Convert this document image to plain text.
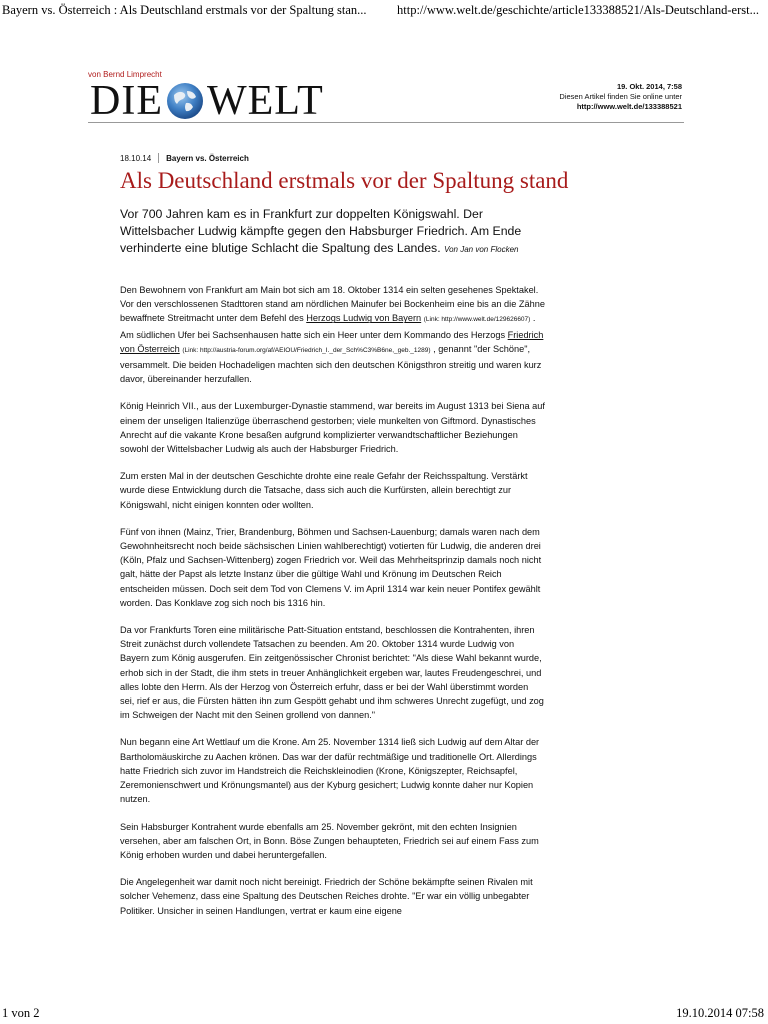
Bayern vs. Österreich : Als Deutschland erstmals vor der Spaltung stan... http://www.welt.de/geschichte/article133388521/Als-Deutschland-erst...
von Bernd Limprecht
DIE WELT	19. Okt. 2014, 7:58
Diesen Artikel finden Sie online unter
http://www.welt.de/133388521
18.10.14 Bayern vs. Österreich
Als Deutschland erstmals vor der Spaltung stand
Vor 700 Jahren kam es in Frankfurt zur doppelten Königswahl. Der Wittelsbacher Ludwig kämpfte gegen den Habsburger Friedrich. Am Ende verhinderte eine blutige Schlacht die Spaltung des Landes. Von Jan von Flocken

Den Bewohnern von Frankfurt am Main bot sich am 18. Oktober 1314 ein selten gesehenes Spektakel. Vor den verschlossenen Stadttoren stand am nördlichen Mainufer bei Bockenheim eine bis an die Zähne bewaffnete Streitmacht unter dem Befehl des Herzogs Ludwig von Bayern (Link: http://www.welt.de/129626607) . Am südlichen Ufer bei Sachsenhausen hatte sich ein Heer unter dem Kommando des Herzogs Friedrich von Österreich (Link: http://austria-forum.org/af/AEIOU/Friedrich_I._der_Sch%C3%B6ne,_geb._1289) , genannt "der Schöne", versammelt. Die beiden Hochadeligen machten sich den deutschen Königsthron streitig und waren kurz davor, übereinander herzufallen.

König Heinrich VII., aus der Luxemburger-Dynastie stammend, war bereits im August 1313 bei Siena auf einem der unseligen Italienzüge überraschend gestorben; viele munkelten von Giftmord. Dynastisches Anrecht auf die vakante Krone besaßen aufgrund komplizierter verwandtschaftlicher Beziehungen sowohl der Wittelsbacher Ludwig als auch der Habsburger Friedrich.

Zum ersten Mal in der deutschen Geschichte drohte eine reale Gefahr der Reichsspaltung. Verstärkt wurde diese Entwicklung durch die Tatsache, dass sich auch die Kurfürsten, allein berechtigt zur Königswahl, nicht einigen konnten oder wollten.

Fünf von ihnen (Mainz, Trier, Brandenburg, Böhmen und Sachsen-Lauenburg; damals waren nach dem Gewohnheitsrecht noch beide sächsischen Linien wahlberechtigt) votierten für Ludwig, die anderen drei (Köln, Pfalz und Sachsen-Wittenberg) zogen Friedrich vor. Weil das Mehrheitsprinzip damals noch nicht galt, hätte der Papst als letzte Instanz über die gültige Wahl und Krönung im Deutschen Reich entscheiden müssen. Doch seit dem Tod von Clemens V. im April 1314 war kein neuer Pontifex gewählt worden. Das Konklave zog sich noch bis 1316 hin.

Da vor Frankfurts Toren eine militärische Patt-Situation entstand, beschlossen die Kontrahenten, ihren Streit zunächst durch vollendete Tatsachen zu beenden. Am 20. Oktober 1314 wurde Ludwig von Bayern zum König ausgerufen. Ein zeitgenössischer Chronist berichtet: "Als diese Wahl bekannt wurde, erhob sich in der Stadt, die ihm stets in treuer Anhänglichkeit ergeben war, lautes Freudengeschrei, und alles lobte den Herrn. Als der Herzog von Österreich erfuhr, dass er bei der Wahl überstimmt worden sei, rief er aus, die Fürsten hätten ihn zum Gespött gehabt und ihm schweres Unrecht zugefügt, und zog im Schweigen der Nacht mit den Seinen grollend von dannen."

Nun begann eine Art Wettlauf um die Krone. Am 25. November 1314 ließ sich Ludwig auf dem Altar der Bartholomäuskirche zu Aachen krönen. Das war der dafür rechtmäßige und traditionelle Ort. Allerdings hatte Friedrich sich zuvor im Handstreich die Reichskleinodien (Krone, Königszepter, Reichsapfel, Zeremonienschwert und Krönungsmantel) aus der Kyburg gesichert; Ludwig konnte daher nur Kopien nutzen.

Sein Habsburger Kontrahent wurde ebenfalls am 25. November gekrönt, mit den echten Insignien versehen, aber am falschen Ort, in Bonn. Böse Zungen behaupteten, Friedrich sei auf einem Fass zum König erhoben wurden und dabei heruntergefallen.

Die Angelegenheit war damit noch nicht bereinigt. Friedrich der Schöne bekämpfte seinen Rivalen mit solcher Vehemenz, dass eine Spaltung des Deutschen Reiches drohte. "Er war ein völlig unbegabter Politiker. Unsicher in seinen Handlungen, vertrat er kaum eine eigene

1 von 2	19.10.2014 07:58
